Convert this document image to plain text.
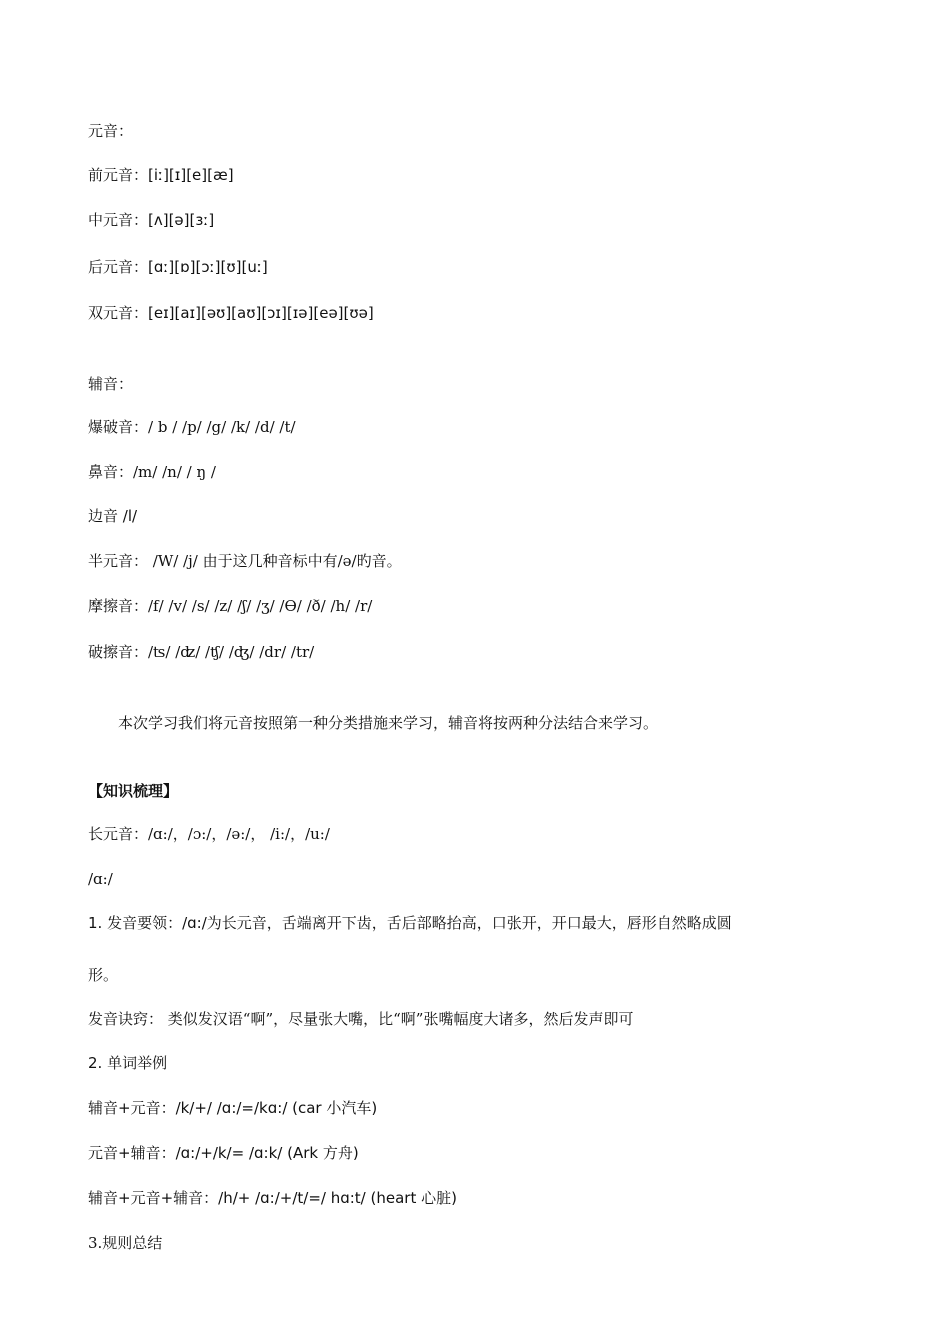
元音：
前元音：[iː][ɪ][e][æ]
中元音：[ʌ][ə][ɜː]
后元音：[ɑː][ɒ][ɔː][ʊ][uː]
双元音：[eɪ][aɪ][əʊ][aʊ][ɔɪ][ɪə][eə][ʊə]
辅音：
爆破音：/ b / /p/ /g/ /k/ /d/ /t/
鼻音：/m/ /n/ / ŋ /
边音 /l/
半元音： /W/ /j/ 由于这几种音标中有/ə/旳音。
摩擦音：/f/ /v/ /s/ /z/ /ʃ/ /ʒ/ /Ɵ/ /ð/ /h/ /r/
破擦音：/ʦ/ /ʣ/ /ʧ/ /ʤ/ /dr/ /tr/
本次学习我们将元音按照第一种分类措施来学习，辅音将按两种分法结合来学习。
【知识梳理】
长元音：/ɑ:/，/ɔ:/，/ə:/， /i:/，/u:/
/ɑ:/
1. 发音要领：/ɑ:/为长元音，舌端离开下齿，舌后部略抬高，口张开，开口最大，唇形自然略成圆
形。
发音诀窍： 类似发汉语“啊”，尽量张大嘴，比“啊”张嘴幅度大诸多，然后发声即可
2. 单词举例
辅音+元音：/k/+/ /ɑ:/=/kɑ:/ (car 小汽车)
元音+辅音：/ɑ:/+/k/= /ɑ:k/ (Ark 方舟)
辅音+元音+辅音：/h/+ /ɑ:/+/t/=/ hɑ:t/ (heart 心脏)
3.规则总结
